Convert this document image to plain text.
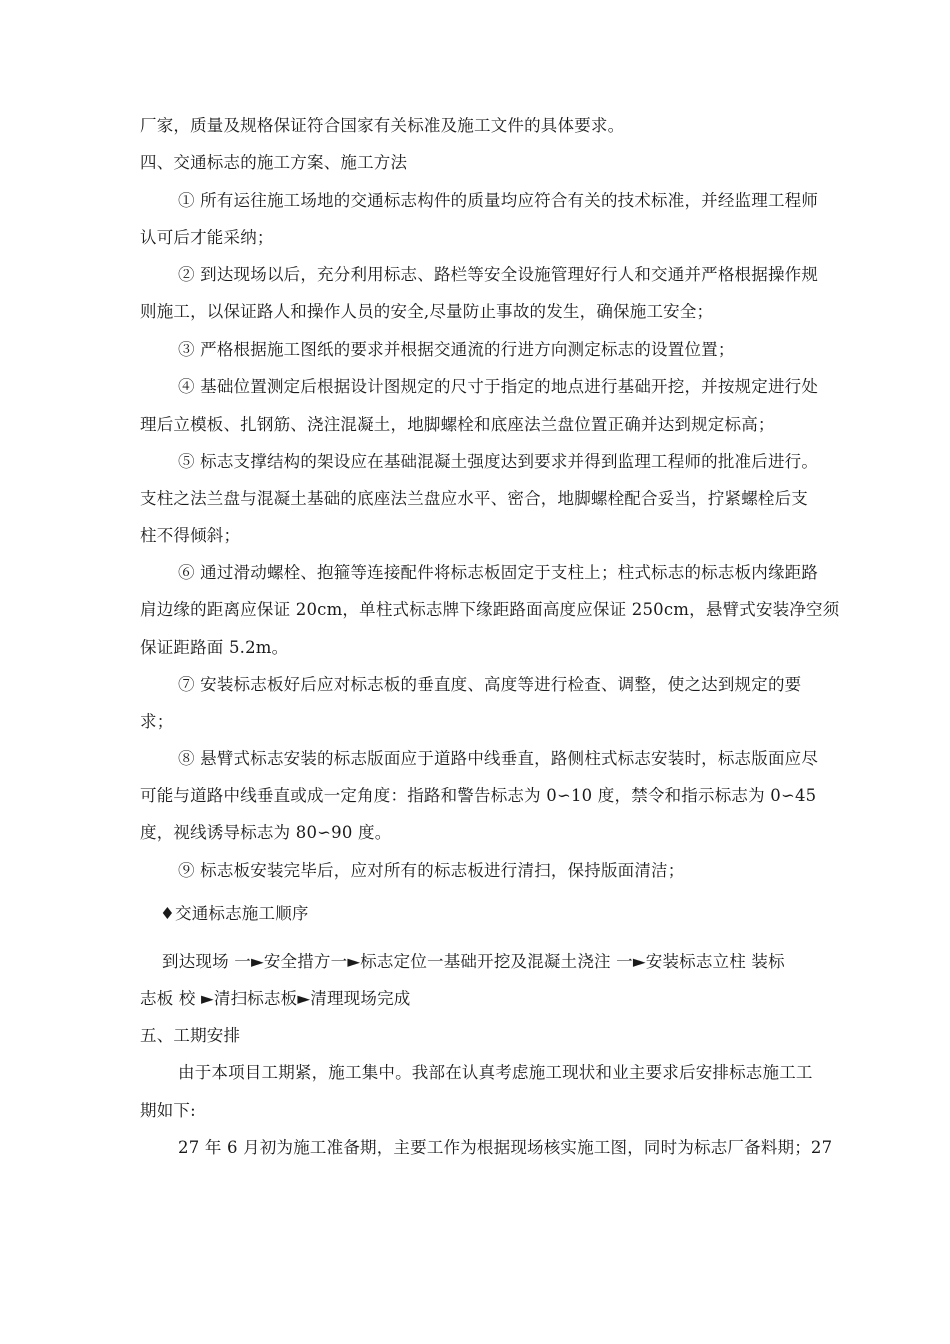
厂家，质量及规格保证符合国家有关标准及施工文件的具体要求。
四、交通标志的施工方案、施工方法
① 所有运往施工场地的交通标志构件的质量均应符合有关的技术标准，并经监理工程师
认可后才能采纳；
② 到达现场以后，充分利用标志、路栏等安全设施管理好行人和交通并严格根据操作规
则施工，以保证路人和操作人员的安全,尽量防止事故的发生，确保施工安全；
③ 严格根据施工图纸的要求并根据交通流的行进方向测定标志的设置位置；
④ 基础位置测定后根据设计图规定的尺寸于指定的地点进行基础开挖，并按规定进行处
理后立模板、扎钢筋、浇注混凝土，地脚螺栓和底座法兰盘位置正确并达到规定标高；
⑤ 标志支撑结构的架设应在基础混凝土强度达到要求并得到监理工程师的批准后进行。
支柱之法兰盘与混凝土基础的底座法兰盘应水平、密合，地脚螺栓配合妥当，拧紧螺栓后支
柱不得倾斜；
⑥ 通过滑动螺栓、抱箍等连接配件将标志板固定于支柱上；柱式标志的标志板内缘距路
肩边缘的距离应保证 20cm，单柱式标志牌下缘距路面高度应保证 250cm，悬臂式安装净空须
保证距路面 5.2m。
⑦ 安装标志板好后应对标志板的垂直度、高度等进行检查、调整，使之达到规定的要
求；
⑧ 悬臂式标志安装的标志版面应于道路中线垂直，路侧柱式标志安装时，标志版面应尽
可能与道路中线垂直或成一定角度：指路和警告标志为 0∽10 度，禁令和指示标志为 0∽45
度，视线诱导标志为 80∽90 度。
⑨ 标志板安装完毕后，应对所有的标志板进行清扫，保持版面清洁；
♦交通标志施工顺序
到达现场 一►安全措方一►标志定位一基础开挖及混凝土浇注 一►安装标志立柱 装标
志板 校 ►清扫标志板►清理现场完成
五、工期安排
由于本项目工期紧，施工集中。我部在认真考虑施工现状和业主要求后安排标志施工工
期如下:
27 年 6 月初为施工准备期，主要工作为根据现场核实施工图，同时为标志厂备料期；27
